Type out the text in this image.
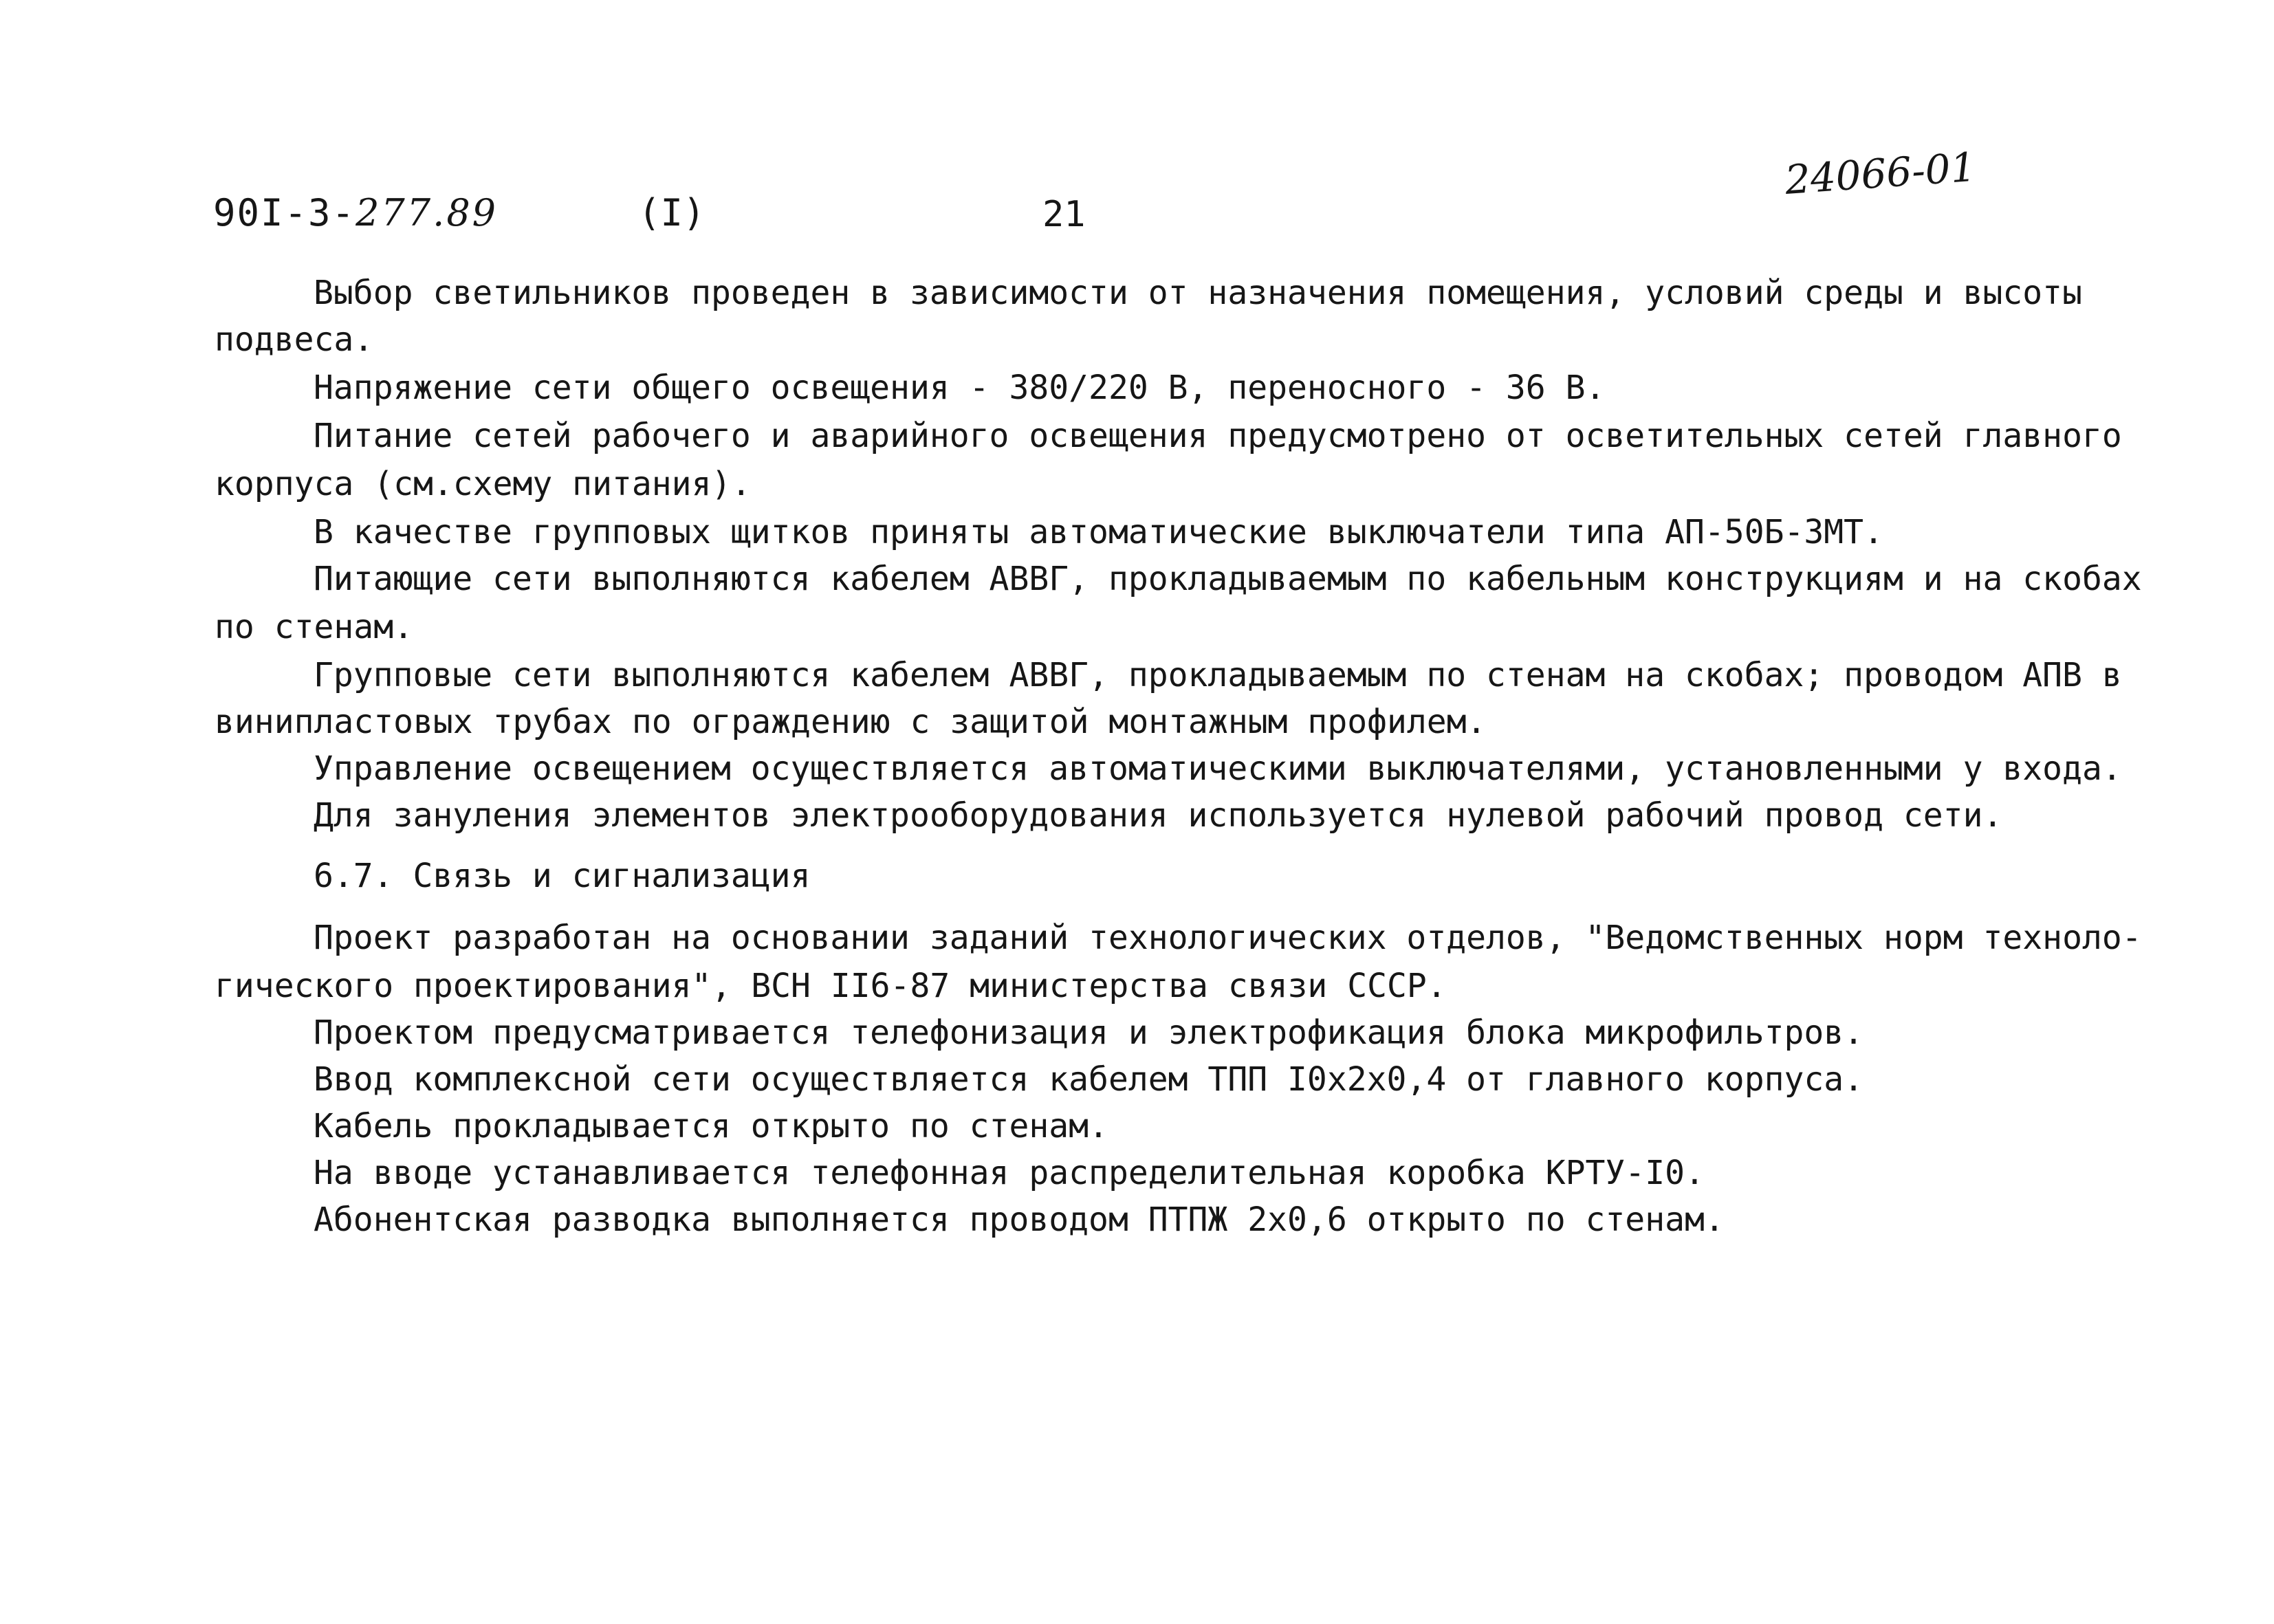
90I-3-277.89	(I)	21
24066-01
Выбор светильников проведен в зависимости от назначения помещения, условий среды и высоты
подвеса.
Напряжение сети общего освещения - 380/220 В, переносного - 36 В.
Питание сетей рабочего и аварийного освещения предусмотрено от осветительных сетей главного
корпуса (см.схему питания).
В качестве групповых щитков приняты автоматические выключатели типа АП-50Б-3МТ.
Питающие сети выполняются кабелем АВВГ, прокладываемым по кабельным конструкциям и на скобах
по стенам.
Групповые сети выполняются кабелем АВВГ, прокладываемым по стенам на скобах; проводом АПВ в
винипластовых трубах по ограждению с защитой монтажным профилем.
Управление освещением осуществляется автоматическими выключателями, установленными у входа.
Для зануления элементов электрооборудования используется нулевой рабочий провод сети.
6.7. Связь и сигнализация
Проект разработан на основании заданий технологических отделов, "Ведомственных норм техноло-
гического проектирования", ВСН II6-87 министерства связи СССР.
Проектом предусматривается телефонизация и электрофикация блока микрофильтров.
Ввод комплексной сети осуществляется кабелем ТПП I0х2х0,4 от главного корпуса.
Кабель прокладывается открыто по стенам.
На вводе устанавливается телефонная распределительная коробка КРТУ-I0.
Абонентская разводка выполняется проводом ПТПЖ 2х0,6 открыто по стенам.
